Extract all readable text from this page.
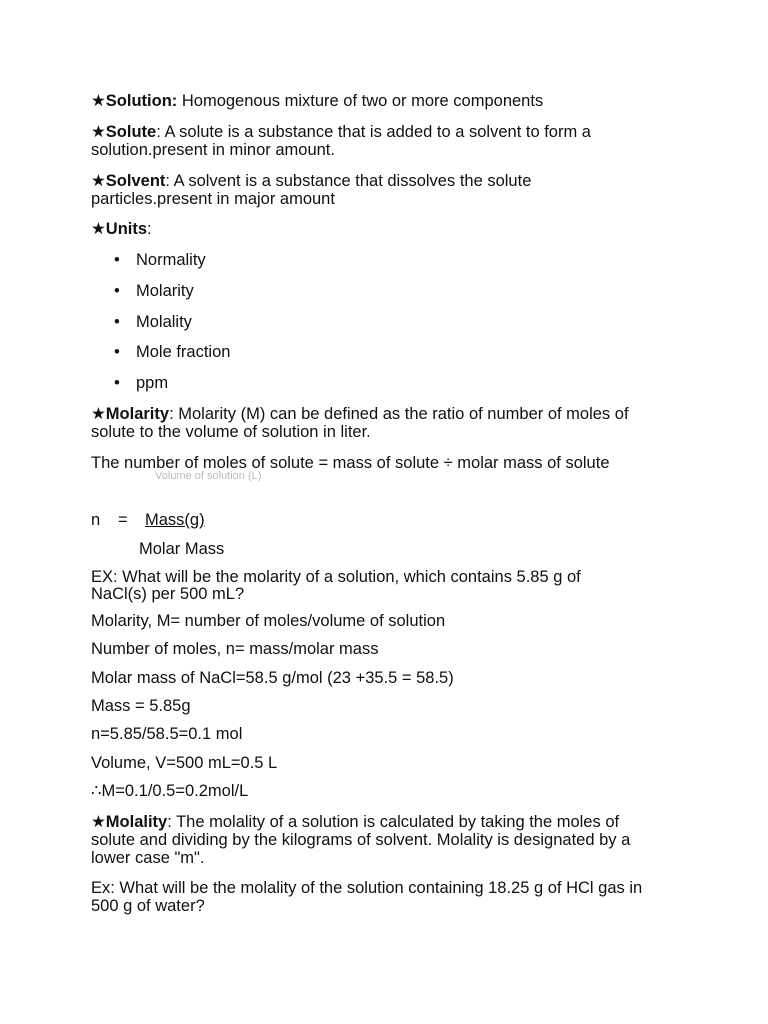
★Solution: Homogenous mixture of two or more components
★Solute: A solute is a substance that is added to a solvent to form a
solution.present in minor amount.
★Solvent: A solvent is a substance that dissolves the solute
particles.present in major amount
★Units:
• Normality
• Molarity
• Molality
• Mole fraction
• ppm
★Molarity: Molarity (M) can be defined as the ratio of number of moles of
solute to the volume of solution in liter.
The number of moles of solute = mass of solute ÷ molar mass of solute
Volume of solution (L)
n = Mass(g)
Molar Mass
EX: What will be the molarity of a solution, which contains 5.85 g of
NaCl(s) per 500 mL?
Molarity, M= number of moles/volume of solution
Number of moles, n= mass/molar mass
Molar mass of NaCl=58.5 g/mol (23 +35.5 = 58.5)
Mass = 5.85g
n=5.85/58.5=0.1 mol
Volume, V=500 mL=0.5 L
∴M=0.1/0.5=0.2mol/L
★Molality: The molality of a solution is calculated by taking the moles of
solute and dividing by the kilograms of solvent. Molality is designated by a
lower case "m".
Ex: What will be the molality of the solution containing 18.25 g of HCl gas in
500 g of water?
